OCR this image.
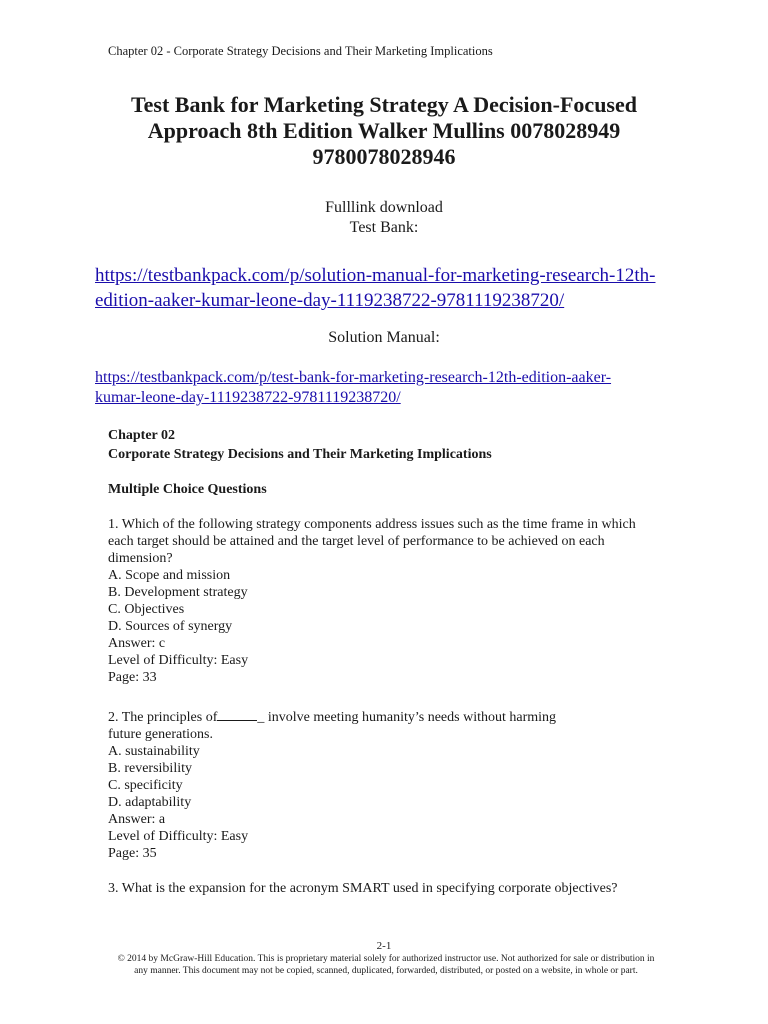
Chapter 02 - Corporate Strategy Decisions and Their Marketing Implications
Test Bank for Marketing Strategy A Decision-Focused
Approach 8th Edition Walker Mullins 0078028949
9780078028946
Fulllink download
Test Bank:
https://testbankpack.com/p/solution-manual-for-marketing-research-12th-
edition-aaker-kumar-leone-day-1119238722-9781119238720/
Solution Manual:
https://testbankpack.com/p/test-bank-for-marketing-research-12th-edition-aaker-
kumar-leone-day-1119238722-9781119238720/
Chapter 02
Corporate Strategy Decisions and Their Marketing Implications
Multiple Choice Questions
1. Which of the following strategy components address issues such as the time frame in which
each target should be attained and the target level of performance to be achieved on each
dimension?
A. Scope and mission
B. Development strategy
C. Objectives
D. Sources of synergy
Answer: c
Level of Difficulty: Easy
Page: 33
2. The principles of	_ involve meeting humanity’s needs without harming
future generations.
A. sustainability
B. reversibility
C. specificity
D. adaptability
Answer: a
Level of Difficulty: Easy
Page: 35
3. What is the expansion for the acronym SMART used in specifying corporate objectives?
2-1
© 2014 by McGraw-Hill Education. This is proprietary material solely for authorized instructor use. Not authorized for sale or distribution in
any manner. This document may not be copied, scanned, duplicated, forwarded, distributed, or posted on a website, in whole or part.
